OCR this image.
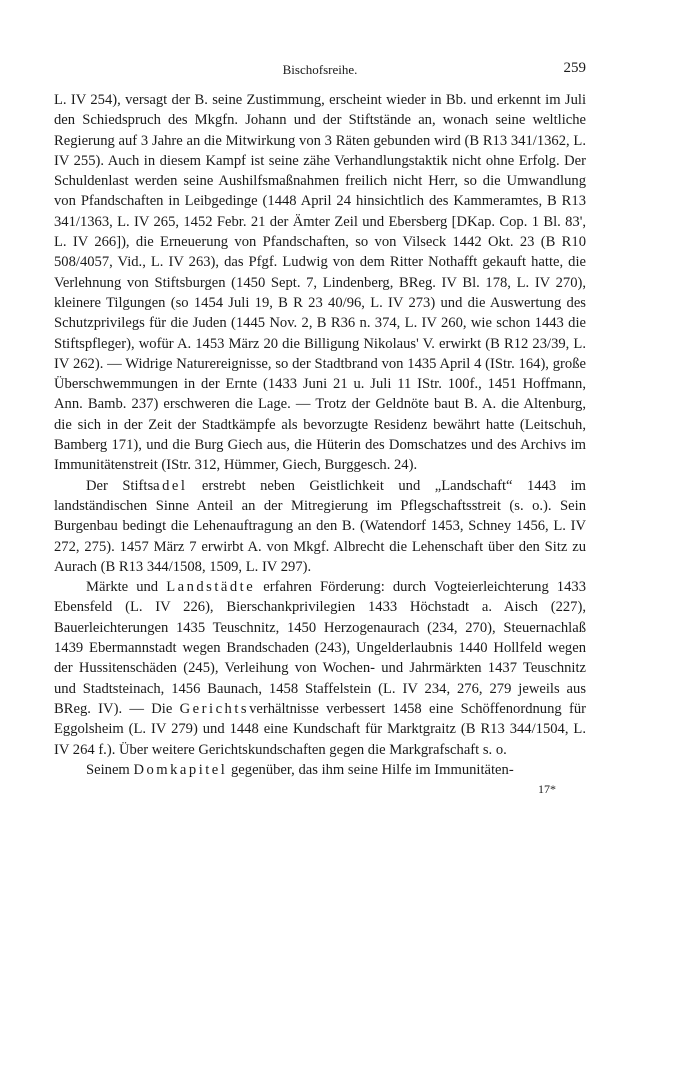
Bischofsreihe.	259

L. IV 254), versagt der B. seine Zustimmung, erscheint wieder in Bb. und erkennt im Juli den Schiedspruch des Mkgfn. Johann und der Stiftstände an, wonach seine weltliche Regierung auf 3 Jahre an die Mitwirkung von 3 Räten gebunden wird (B R13 341/1362, L. IV 255). Auch in diesem Kampf ist seine zähe Verhandlungstaktik nicht ohne Erfolg. Der Schuldenlast werden seine Aushilfsmaßnahmen freilich nicht Herr, so die Umwandlung von Pfandschaften in Leibgedinge (1448 April 24 hinsichtlich des Kammeramtes, B R13 341/1363, L. IV 265, 1452 Febr. 21 der Ämter Zeil und Ebersberg [DKap. Cop. 1 Bl. 83', L. IV 266]), die Erneuerung von Pfandschaften, so von Vilseck 1442 Okt. 23 (B R10 508/4057, Vid., L. IV 263), das Pfgf. Ludwig von dem Ritter Nothafft gekauft hatte, die Verlehnung von Stiftsburgen (1450 Sept. 7, Lindenberg, BReg. IV Bl. 178, L. IV 270), kleinere Tilgungen (so 1454 Juli 19, B R 23 40/96, L. IV 273) und die Auswertung des Schutzprivilegs für die Juden (1445 Nov. 2, B R36 n. 374, L. IV 260, wie schon 1443 die Stiftspfleger), wofür A. 1453 März 20 die Billigung Nikolaus' V. erwirkt (B R12 23/39, L. IV 262). — Widrige Naturereignisse, so der Stadtbrand von 1435 April 4 (IStr. 164), große Überschwemmungen in der Ernte (1433 Juni 21 u. Juli 11 IStr. 100f., 1451 Hoffmann, Ann. Bamb. 237) erschweren die Lage. — Trotz der Geldnöte baut B. A. die Altenburg, die sich in der Zeit der Stadtkämpfe als bevorzugte Residenz bewährt hatte (Leitschuh, Bamberg 171), und die Burg Giech aus, die Hüterin des Domschatzes und des Archivs im Immunitätenstreit (IStr. 312, Hümmer, Giech, Burggesch. 24).

Der Stiftsadel erstrebt neben Geistlichkeit und „Landschaft“ 1443 im landständischen Sinne Anteil an der Mitregierung im Pflegschaftsstreit (s. o.). Sein Burgenbau bedingt die Lehenauftragung an den B. (Watendorf 1453, Schney 1456, L. IV 272, 275). 1457 März 7 erwirbt A. von Mkgf. Albrecht die Lehenschaft über den Sitz zu Aurach (B R13 344/1508, 1509, L. IV 297).

Märkte und Landstädte erfahren Förderung: durch Vogteierleichterung 1433 Ebensfeld (L. IV 226), Bierschankprivilegien 1433 Höchstadt a. Aisch (227), Bauerleichterungen 1435 Teuschnitz, 1450 Herzogenaurach (234, 270), Steuernachlaß 1439 Ebermannstadt wegen Brandschaden (243), Ungelderlaubnis 1440 Hollfeld wegen der Hussitenschäden (245), Verleihung von Wochen- und Jahrmärkten 1437 Teuschnitz und Stadtsteinach, 1456 Baunach, 1458 Staffelstein (L. IV 234, 276, 279 jeweils aus BReg. IV). — Die Gerichtsverhältnisse verbessert 1458 eine Schöffenordnung für Eggolsheim (L. IV 279) und 1448 eine Kundschaft für Marktgraitz (B R13 344/1504, L. IV 264 f.). Über weitere Gerichtskundschaften gegen die Markgrafschaft s. o.

Seinem Domkapitel gegenüber, das ihm seine Hilfe im Immunitäten-

17*
